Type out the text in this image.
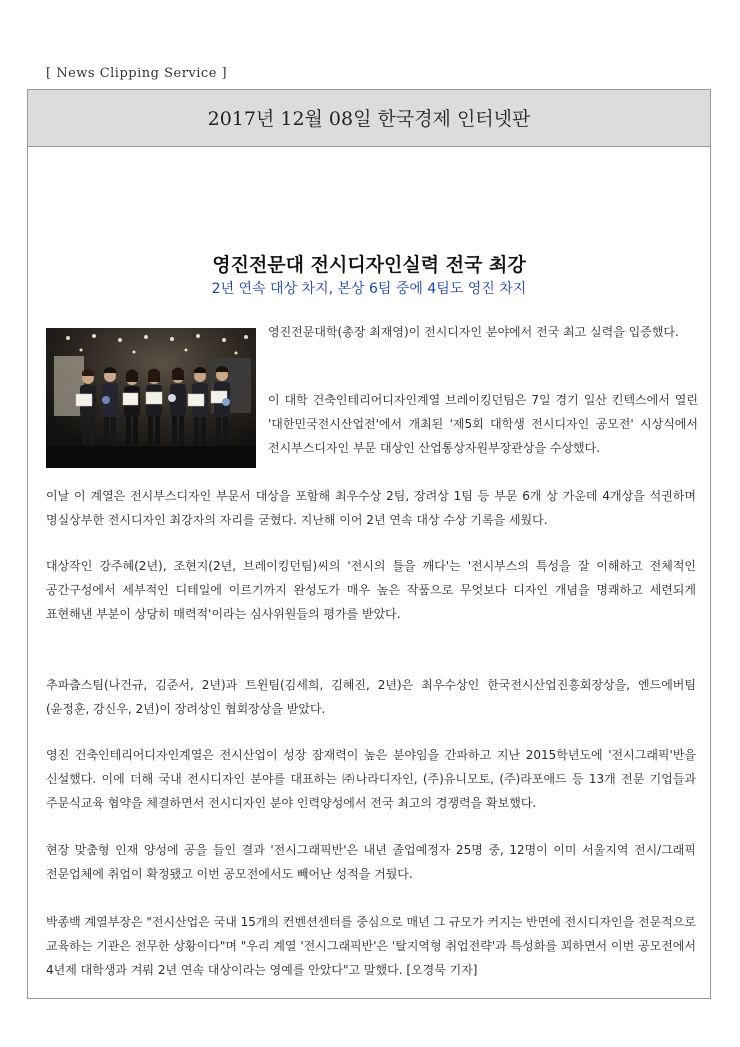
[ News Clipping Service ]
2017년 12월 08일 한국경제 인터넷판
영진전문대 전시디자인실력 전국 최강
2년 연속 대상 차지, 본상 6팀 중에 4팀도 영진 차지
영진전문대학(총장 최재영)이 전시디자인 분야에서 전국 최고 실력을 입증했다.
이 대학 건축인테리어디자인계열 브레이킹던팀은 7일 경기 일산 킨텍스에서 열린 '대한민국전시산업전'에서 개최된 '제5회 대학생 전시디자인 공모전' 시상식에서 전시부스디자인 부문 대상인 산업통상자원부장관상을 수상했다.
이날 이 계열은 전시부스디자인 부문서 대상을 포함해 최우수상 2팀, 장려상 1팀 등 부문 6개 상 가운데 4개상을 석권하며 명실상부한 전시디자인 최강자의 자리를 굳혔다. 지난해 이어 2년 연속 대상 수상 기록을 세웠다.
대상작인 강주혜(2년), 조현지(2년, 브레이킹던팀)씨의 '전시의 틀을 깨다'는 '전시부스의 특성을 잘 이해하고 전체적인 공간구성에서 세부적인 디테일에 이르기까지 완성도가 매우 높은 작품으로 무엇보다 디자인 개념을 명쾌하고 세련되게 표현해낸 부분이 상당히 매력적'이라는 심사위원들의 평가를 받았다.
추파춥스팀(나건규, 김준서, 2년)과 트윈팀(김세희, 김혜진, 2년)은 최우수상인 한국전시산업진흥회장상을, 엔드에버팀(윤정훈, 강신우, 2년)이 장려상인 협회장상을 받았다.
영진 건축인테리어디자인계열은 전시산업이 성장 잠재력이 높은 분야임을 간파하고 지난 2015학년도에 '전시그래픽'반을 신설했다. 이에 더해 국내 전시디자인 분야를 대표하는 ㈜나라디자인, (주)유니모토, (주)라포애드 등 13개 전문 기업들과 주문식교육 협약을 체결하면서 전시디자인 분야 인력양성에서 전국 최고의 경쟁력을 확보했다.
현장 맞춤형 인재 양성에 공을 들인 결과 '전시그래픽반'은 내년 졸업예정자 25명 중, 12명이 이미 서울지역 전시/그래픽 전문업체에 취업이 확정됐고 이번 공모전에서도 빼어난 성적을 거뒀다.
박종백 계열부장은 "전시산업은 국내 15개의 컨벤션센터를 중심으로 매년 그 규모가 커지는 반면에 전시디자인을 전문적으로 교육하는 기관은 전무한 상황이다"며 "우리 계열 '전시그래픽반'은 '탈지역형 취업전략'과 특성화를 꾀하면서 이번 공모전에서 4년제 대학생과 겨뤄 2년 연속 대상이라는 영예를 안았다"고 말했다. [오경묵 기자]
